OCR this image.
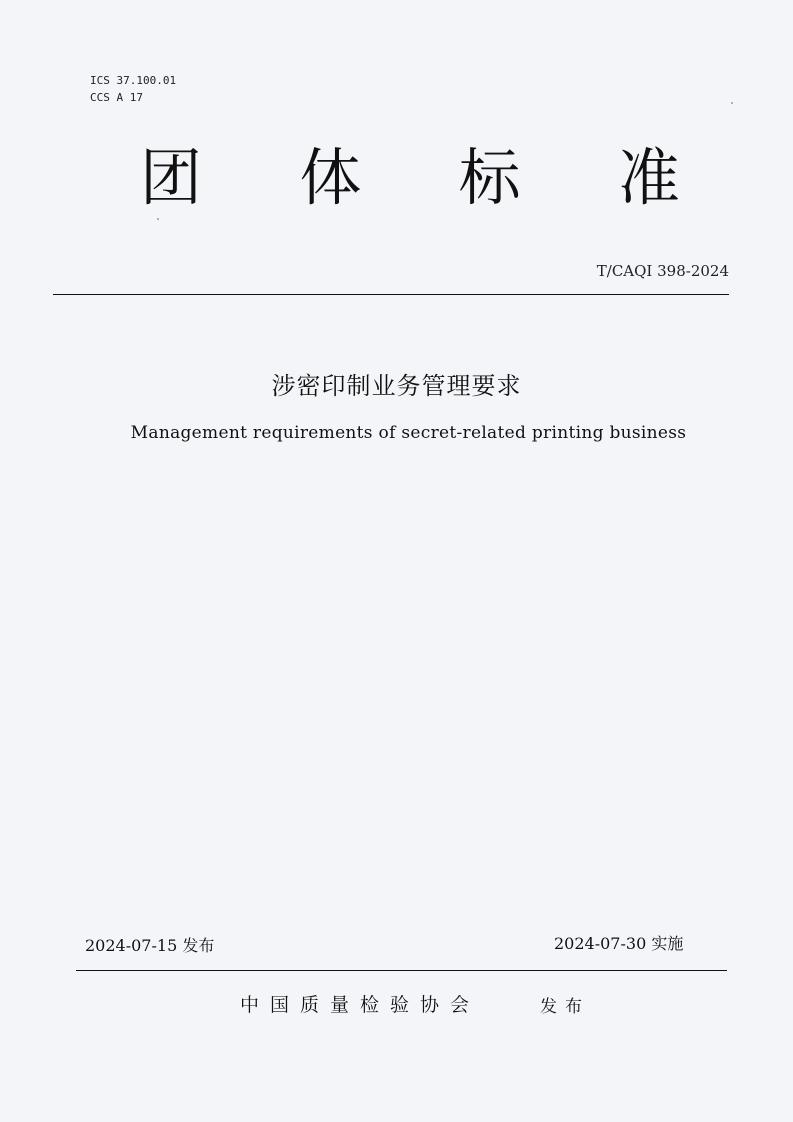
ICS 37.100.01
CCS A 17
团 体 标 准
T/CAQI 398-2024
涉密印制业务管理要求
Management requirements of secret-related printing business
2024-07-15 发布	2024-07-30 实施
中国质量检验协会	发布
